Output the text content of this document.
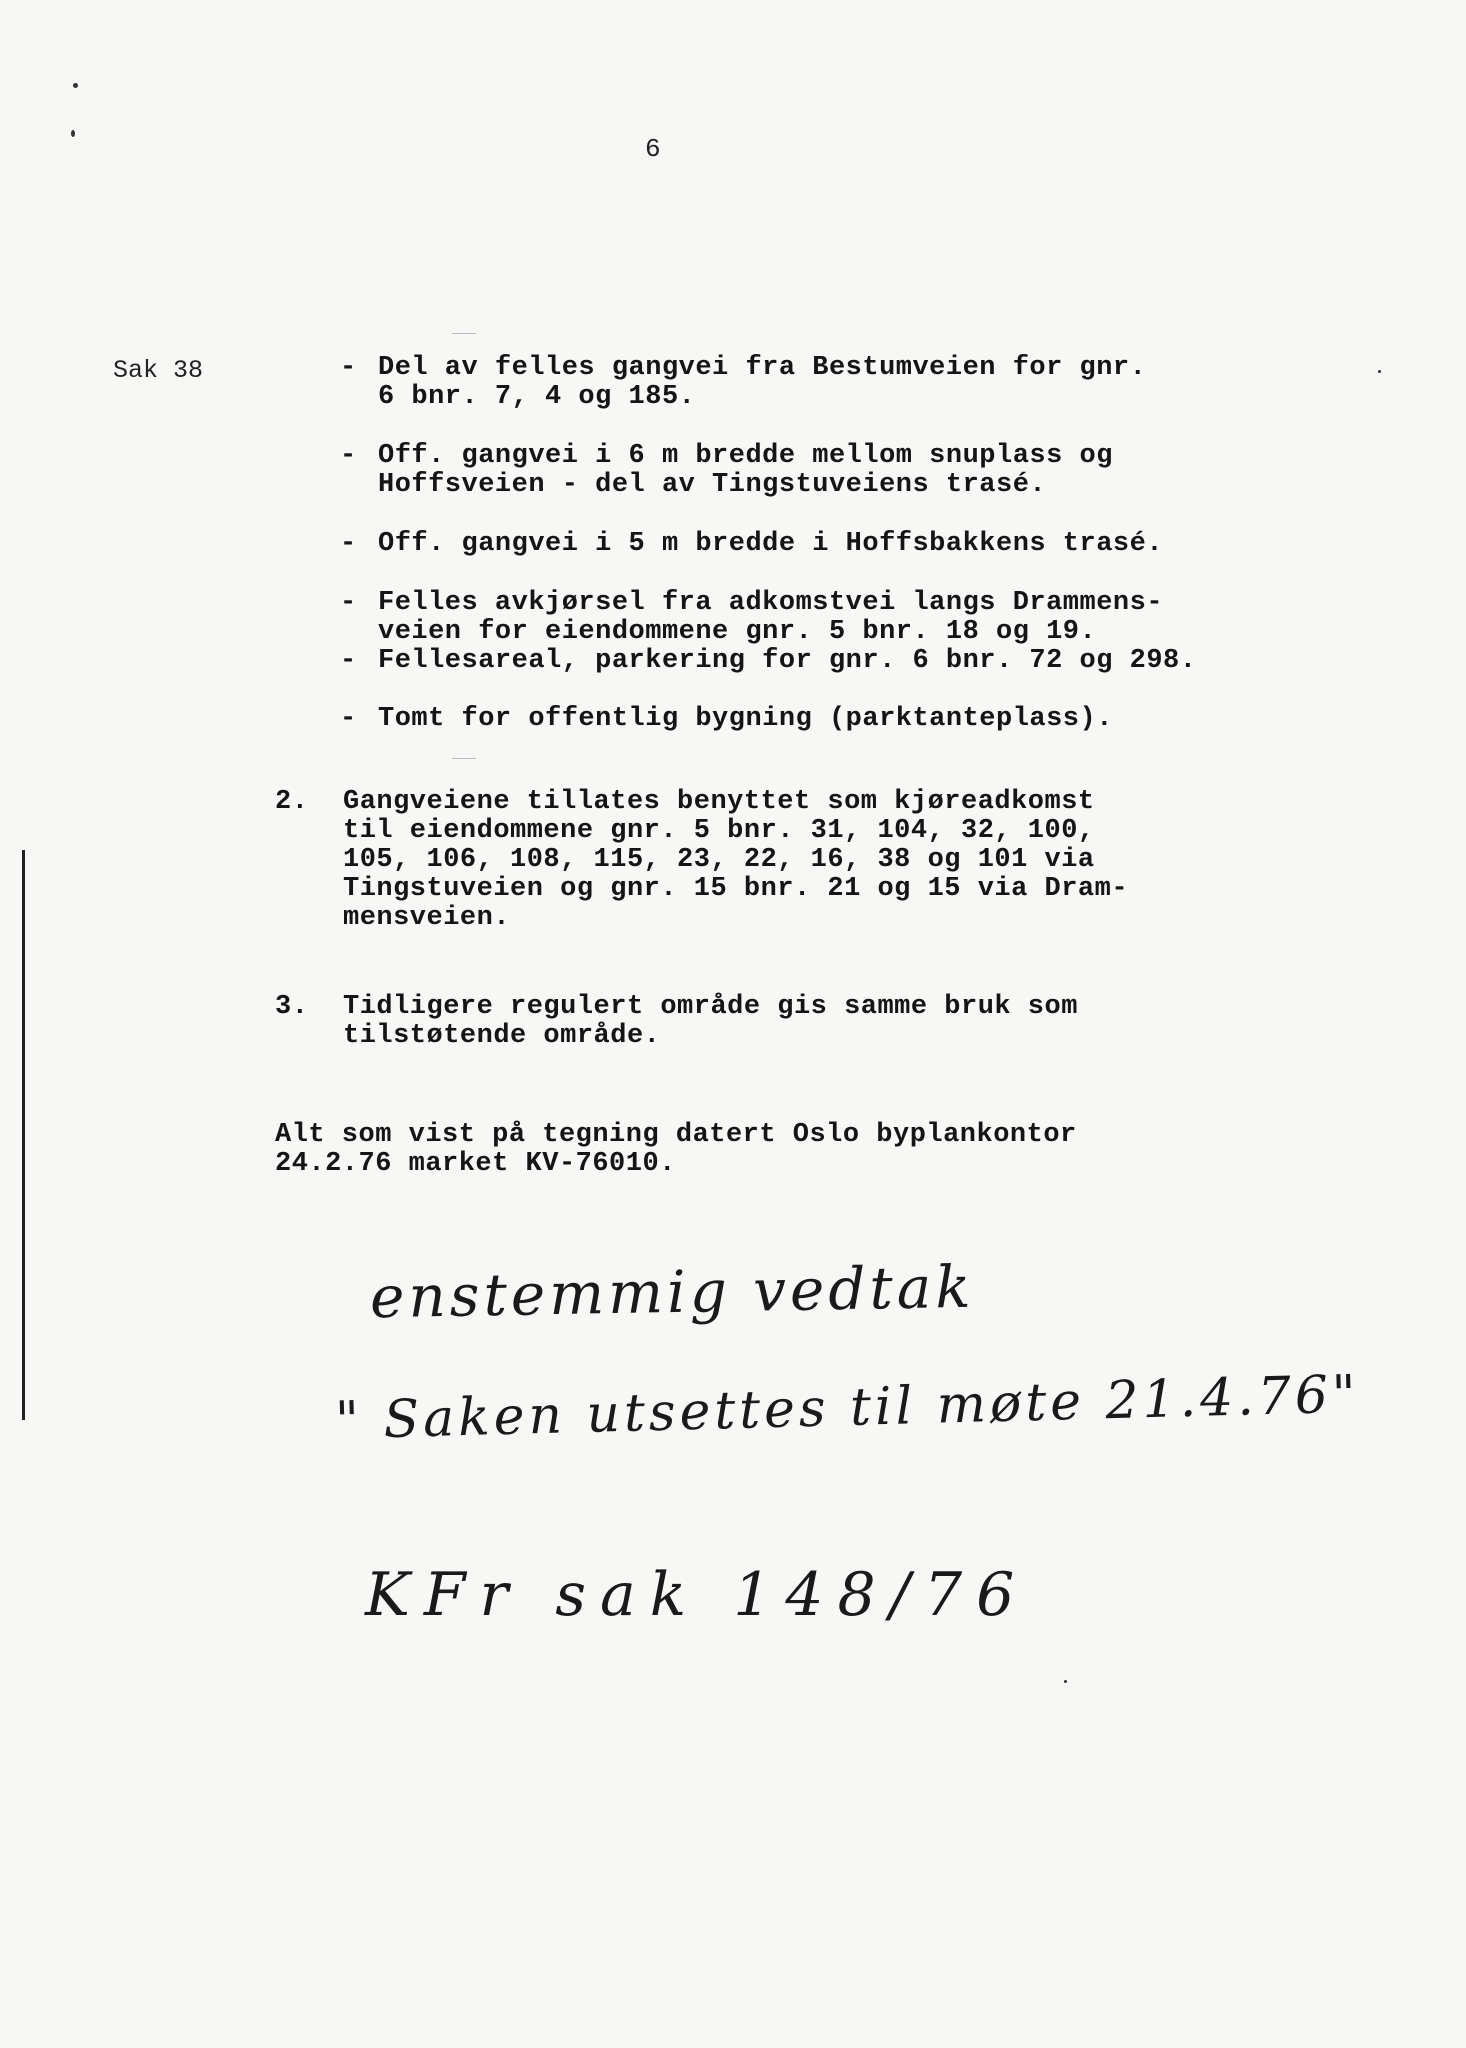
6
Sak 38

	-

Del av felles gangvei fra Bestumveien for gnr.
6 bnr. 7, 4 og 185.

-

Off. gangvei i 6 m bredde mellom snuplass og
Hoffsveien - del av Tingstuveiens trasé.

-

Off. gangvei i 5 m bredde i Hoffsbakkens trasé.

-

Felles avkjørsel fra adkomstvei langs Drammens-
veien for eiendommene gnr. 5 bnr. 18 og 19.

-

Fellesareal, parkering for gnr. 6 bnr. 72 og 298.

-

Tomt for offentlig bygning (parktanteplass).

2.

Gangveiene tillates benyttet som kjøreadkomst
til eiendommene gnr. 5 bnr. 31, 104, 32, 100,
105, 106, 108, 115, 23, 22, 16, 38 og 101 via
Tingstuveien og gnr. 15 bnr. 21 og 15 via Dram-
mensveien.

3.

Tidligere regulert område gis samme bruk som
tilstøtende område.

Alt som vist på tegning datert Oslo byplankontor
24.2.76 market KV-76010.
enstemmig vedtak
" Saken utsettes til møte 21.4.76"
KFr sak 148/76
